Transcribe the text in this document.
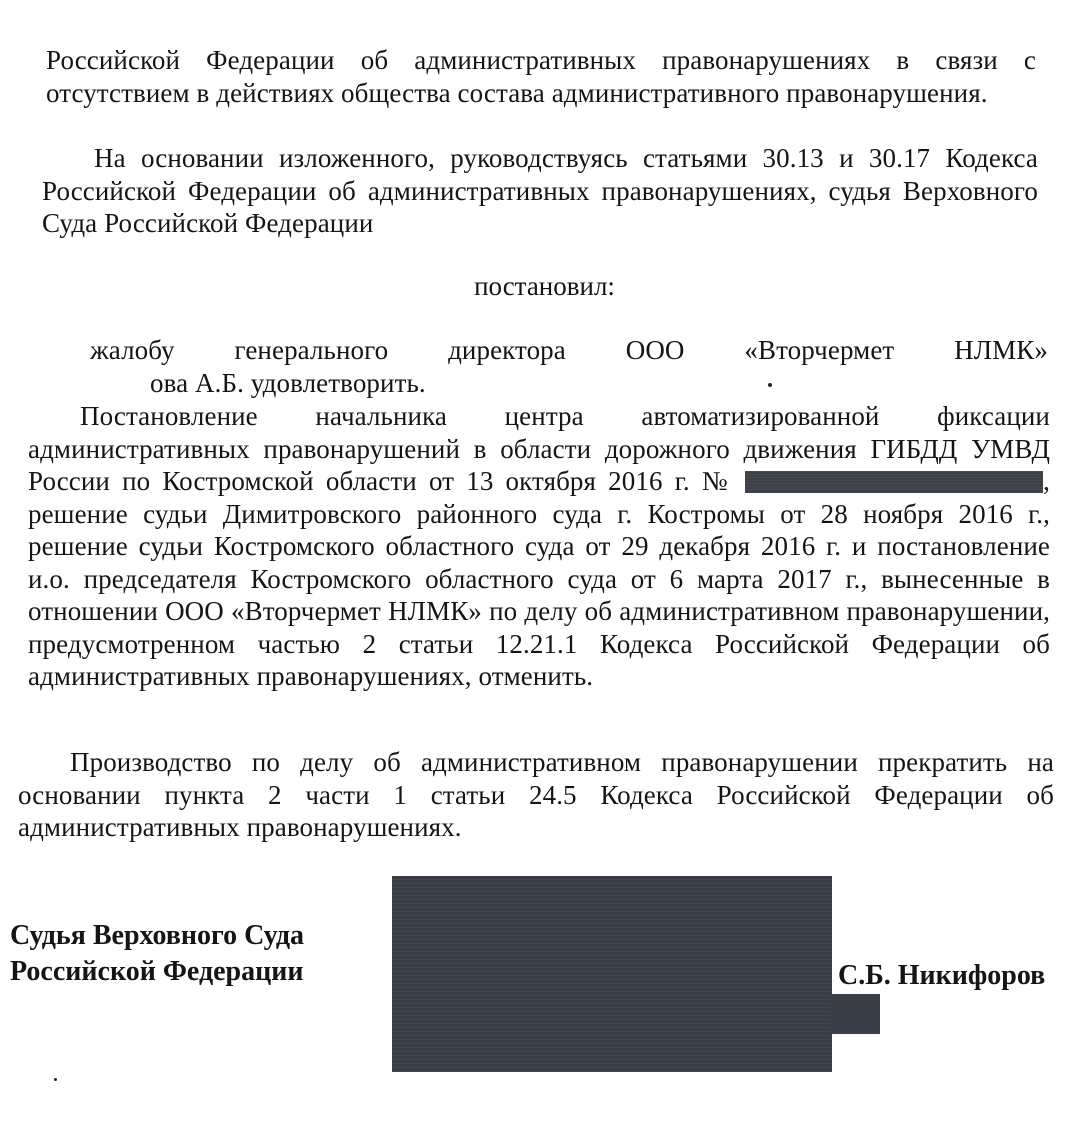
Российской Федерации об административных правонарушениях в связи с отсутствием в действиях общества состава административного правонарушения.

На основании изложенного, руководствуясь статьями 30.13 и 30.17 Кодекса Российской Федерации об административных правонарушениях, судья Верховного Суда Российской Федерации

постановил:

жалобу генерального директора ООО «Вторчермет НЛМК»
ова А.Б. удовлетворить.

Постановление начальника центра автоматизированной фиксации административных правонарушений в области дорожного движения ГИБДД УМВД России по Костромской области от 13 октября 2016 г. №	, решение судьи Димитровского районного суда г. Костромы от 28 ноября 2016 г., решение судьи Костромского областного суда от 29 декабря 2016 г. и постановление и.о. председателя Костромского областного суда от 6 марта 2017 г., вынесенные в отношении ООО «Вторчермет НЛМК» по делу об административном правонарушении, предусмотренном частью 2 статьи 12.21.1 Кодекса Российской Федерации об административных правонарушениях, отменить.

Производство по делу об административном правонарушении прекратить на основании пункта 2 части 1 статьи 24.5 Кодекса Российской Федерации об административных правонарушениях.

Судья Верховного Суда
Российской Федерации	С.Б. Никифоров
